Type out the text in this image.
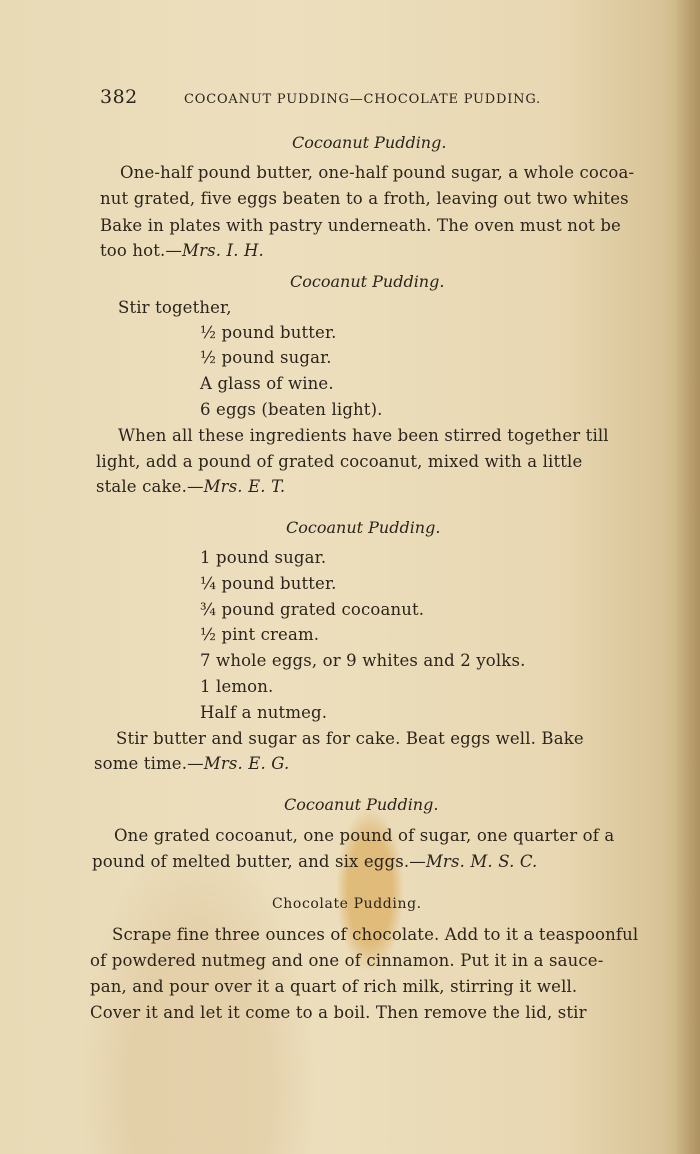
382	COCOANUT PUDDING—CHOCOLATE PUDDING.
Cocoanut Pudding.
One-half pound butter, one-half pound sugar, a whole cocoa-
nut grated, five eggs beaten to a froth, leaving out two whites
Bake in plates with pastry underneath. The oven must not be
too hot.—Mrs. I. H.
Cocoanut Pudding.
Stir together,
½ pound butter.
½ pound sugar.
A glass of wine.
6 eggs (beaten light).
When all these ingredients have been stirred together till
light, add a pound of grated cocoanut, mixed with a little
stale cake.—Mrs. E. T.
Cocoanut Pudding.
1 pound sugar.
¼ pound butter.
¾ pound grated cocoanut.
½ pint cream.
7 whole eggs, or 9 whites and 2 yolks.
1 lemon.
Half a nutmeg.
Stir butter and sugar as for cake. Beat eggs well. Bake
some time.—Mrs. E. G.
Cocoanut Pudding.
One grated cocoanut, one pound of sugar, one quarter of a
pound of melted butter, and six eggs.—Mrs. M. S. C.
Chocolate Pudding.
Scrape fine three ounces of chocolate. Add to it a teaspoonful
of powdered nutmeg and one of cinnamon. Put it in a sauce-
pan, and pour over it a quart of rich milk, stirring it well.
Cover it and let it come to a boil. Then remove the lid, stir
